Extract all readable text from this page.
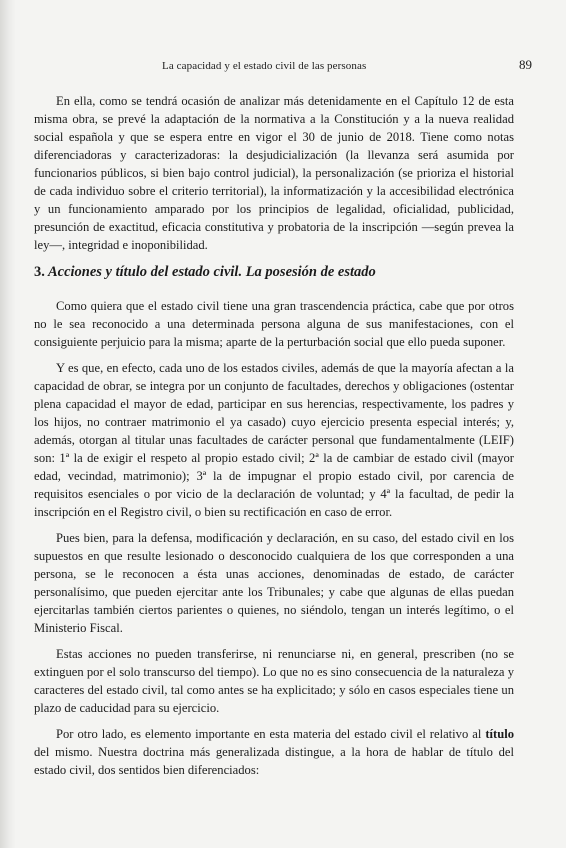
La capacidad y el estado civil de las personas	89

En ella, como se tendrá ocasión de analizar más detenidamente en el Capítulo 12 de esta misma obra, se prevé la adaptación de la normativa a la Constitución y a la nueva realidad social española y que se espera entre en vigor el 30 de junio de 2018. Tiene como notas diferenciadoras y caracterizadoras: la desjudicialización (la llevanza será asumida por funcionarios públicos, si bien bajo control judicial), la personalización (se prioriza el historial de cada individuo sobre el criterio territorial), la informatización y la accesibilidad electrónica y un funcionamiento amparado por los principios de legalidad, oficialidad, publicidad, presunción de exactitud, eficacia constitutiva y probatoria de la inscripción —según prevea la ley—, integridad e inoponibilidad.

3. Acciones y título del estado civil. La posesión de estado

Como quiera que el estado civil tiene una gran trascendencia práctica, cabe que por otros no le sea reconocido a una determinada persona alguna de sus manifestaciones, con el consiguiente perjuicio para la misma; aparte de la perturbación social que ello pueda suponer.

Y es que, en efecto, cada uno de los estados civiles, además de que la mayoría afectan a la capacidad de obrar, se integra por un conjunto de facultades, derechos y obligaciones (ostentar plena capacidad el mayor de edad, participar en sus herencias, respectivamente, los padres y los hijos, no contraer matrimonio el ya casado) cuyo ejercicio presenta especial interés; y, además, otorgan al titular unas facultades de carácter personal que fundamentalmente (LEIF) son: 1ª la de exigir el respeto al propio estado civil; 2ª la de cambiar de estado civil (mayor edad, vecindad, matrimonio); 3ª la de impugnar el propio estado civil, por carencia de requisitos esenciales o por vicio de la declaración de voluntad; y 4ª la facultad, de pedir la inscripción en el Registro civil, o bien su rectificación en caso de error.

Pues bien, para la defensa, modificación y declaración, en su caso, del estado civil en los supuestos en que resulte lesionado o desconocido cualquiera de los que corresponden a una persona, se le reconocen a ésta unas acciones, denominadas de estado, de carácter personalísimo, que pueden ejercitar ante los Tribunales; y cabe que algunas de ellas puedan ejercitarlas también ciertos parientes o quienes, no siéndolo, tengan un interés legítimo, o el Ministerio Fiscal.

Estas acciones no pueden transferirse, ni renunciarse ni, en general, prescriben (no se extinguen por el solo transcurso del tiempo). Lo que no es sino consecuencia de la naturaleza y caracteres del estado civil, tal como antes se ha explicitado; y sólo en casos especiales tiene un plazo de caducidad para su ejercicio.

Por otro lado, es elemento importante en esta materia del estado civil el relativo al título del mismo. Nuestra doctrina más generalizada distingue, a la hora de hablar de título del estado civil, dos sentidos bien diferenciados:
